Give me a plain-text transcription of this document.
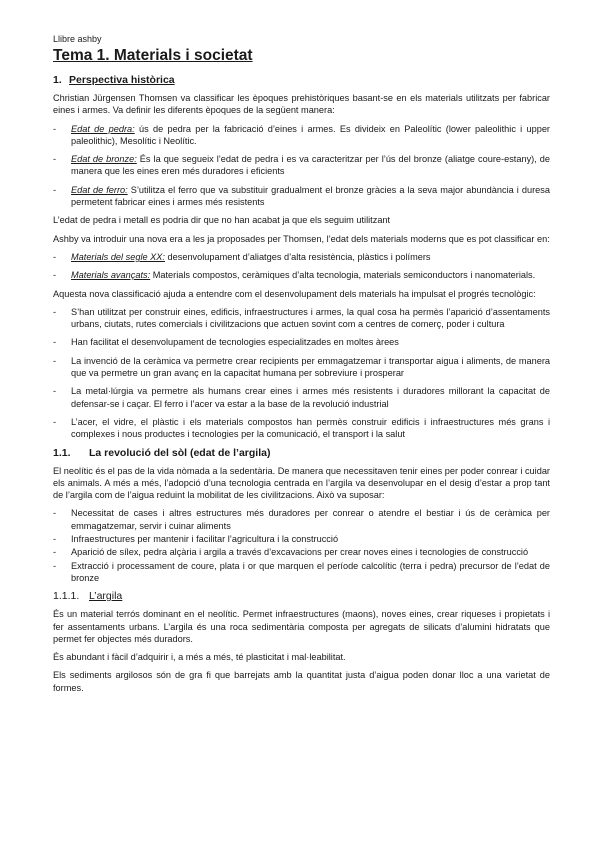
Llibre ashby
Tema 1. Materials i societat
1. Perspectiva històrica

Christian Jürgensen Thomsen va classificar les èpoques prehistòriques basant-se en els materials utilitzats per fabricar eines i armes. Va definir les diferents èpoques de la següent manera:

-	Edat de pedra: ús de pedra per la fabricació d’eines i armes. Es divideix en Paleolític (lower paleolithic i upper paleolithic), Mesolític i Neolític.
-	Edat de bronze: És la que segueix l’edat de pedra i es va caracteritzar per l’ús del bronze (aliatge coure-estany), de manera que les eines eren més duradores i eficients
-	Edat de ferro: S’utilitza el ferro que va substituir gradualment el bronze gràcies a la seva major abundància i duresa permetent fabricar eines i armes més resistents

L’edat de pedra i metall es podria dir que no han acabat ja que els seguim utilitzant

Ashby va introduir una nova era a les ja proposades per Thomsen, l’edat dels materials moderns que es pot classificar en:

-	Materials del segle XX: desenvolupament d’aliatges d’alta resistència, plàstics i polímers
-	Materials avançats: Materials compostos, ceràmiques d’alta tecnologia, materials semiconductors i nanomaterials.

Aquesta nova classificació ajuda a entendre com el desenvolupament dels materials ha impulsat el progrés tecnològic:

-	S’han utilitzat per construir eines, edificis, infraestructures i armes, la qual cosa ha permès l’aparició d’assentaments urbans, ciutats, rutes comercials i civilitzacions que actuen sovint com a centres de comerç, poder i cultura
-	Han facilitat el desenvolupament de tecnologies especialitzades en moltes àrees
-	La invenció de la ceràmica va permetre crear recipients per emmagatzemar i transportar aigua i aliments, de manera que va permetre un gran avanç en la capacitat humana per sobreviure i prosperar
-	La metal·lúrgia va permetre als humans crear eines i armes més resistents i duradores millorant la capacitat de defensar-se i caçar. El ferro i l’acer va estar a la base de la revolució industrial
-	L’acer, el vidre, el plàstic i els materials compostos han permès construir edificis i infraestructures més grans i complexes i nous productes i tecnologies per la comunicació, el transport i la salut
1.1.	La revolució del sòl (edat de l’argila)

El neolític és el pas de la vida nòmada a la sedentària. De manera que necessitaven tenir eines per poder conrear i cuidar els animals. A més a més, l’adopció d’una tecnologia centrada en l’argila va desenvolupar en el desig d’estar a prop tant de l’argila com de l’aigua reduint la mobilitat de les civilitzacions. Això va suposar:

-	Necessitat de cases i altres estructures més duradores per conrear o atendre el bestiar i ús de ceràmica per emmagatzemar, servir i cuinar aliments
-	Infraestructures per mantenir i facilitar l’agricultura i la construcció
-	Aparició de sílex, pedra alçària i argila a través d’excavacions per crear noves eines i tecnologies de construcció
-	Extracció i processament de coure, plata i or que marquen el període calcolític (terra i pedra) precursor de l’edat de bronze
1.1.1. L’argila

És un material terrós dominant en el neolític. Permet infraestructures (maons), noves eines, crear riqueses i propietats i fer assentaments urbans. L’argila és una roca sedimentària composta per agregats de silicats d’alumini hidratats que permet fer objectes més duradors.

És abundant i fàcil d’adquirir i, a més a més, té plasticitat i mal·leabilitat.

Els sediments argilosos són de gra fi que barrejats amb la quantitat justa d’aigua poden donar lloc a una varietat de formes.
